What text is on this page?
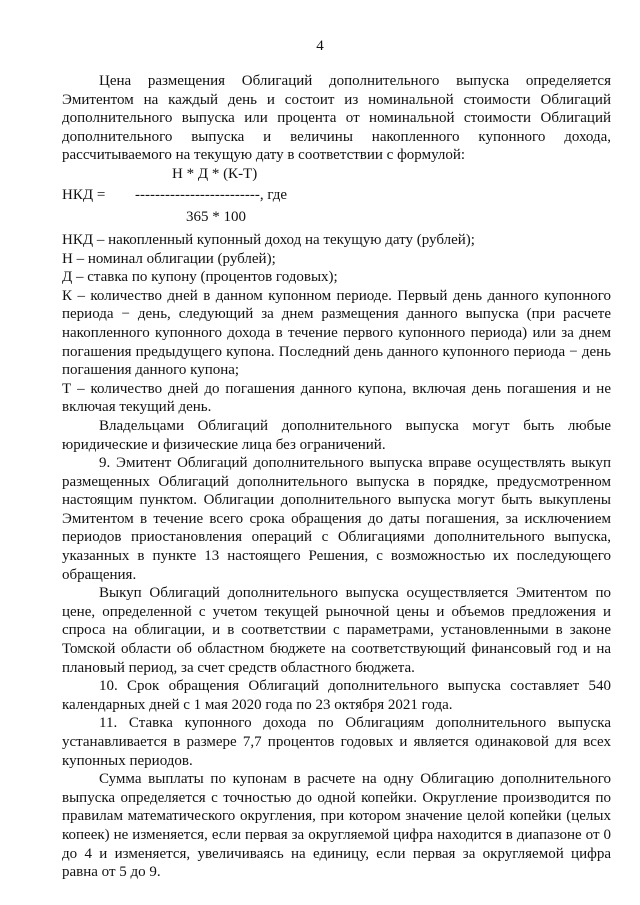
4

Цена размещения Облигаций дополнительного выпуска определяется Эмитентом на каждый день и состоит из номинальной стоимости Облигаций дополнительного выпуска или процента от номинальной стоимости Облигаций дополнительного выпуска и величины накопленного купонного дохода, рассчитываемого на текущую дату в соответствии с формулой:

Н * Д * (К-Т)
НКД = -------------------------, где
365 * 100

НКД – накопленный купонный доход на текущую дату (рублей);

Н – номинал облигации (рублей);

Д – ставка по купону (процентов годовых);

К – количество дней в данном купонном периоде. Первый день данного купонного периода − день, следующий за днем размещения данного выпуска (при расчете накопленного купонного дохода в течение первого купонного периода) или за днем погашения предыдущего купона. Последний день данного купонного периода − день погашения данного купона;

Т – количество дней до погашения данного купона, включая день погашения и не включая текущий день.

Владельцами Облигаций дополнительного выпуска могут быть любые юридические и физические лица без ограничений.

9. Эмитент Облигаций дополнительного выпуска вправе осуществлять выкуп размещенных Облигаций дополнительного выпуска в порядке, предусмотренном настоящим пунктом. Облигации дополнительного выпуска могут быть выкуплены Эмитентом в течение всего срока обращения до даты погашения, за исключением периодов приостановления операций с Облигациями дополнительного выпуска, указанных в пункте 13 настоящего Решения, с возможностью их последующего обращения.

Выкуп Облигаций дополнительного выпуска осуществляется Эмитентом по цене, определенной с учетом текущей рыночной цены и объемов предложения и спроса на облигации, и в соответствии с параметрами, установленными в законе Томской области об областном бюджете на соответствующий финансовый год и на плановый период, за счет средств областного бюджета.

10. Срок обращения Облигаций дополнительного выпуска составляет 540 календарных дней с 1 мая 2020 года по 23 октября 2021 года.

11. Ставка купонного дохода по Облигациям дополнительного выпуска устанавливается в размере 7,7 процентов годовых и является одинаковой для всех купонных периодов.

Сумма выплаты по купонам в расчете на одну Облигацию дополнительного выпуска определяется с точностью до одной копейки. Округление производится по правилам математического округления, при котором значение целой копейки (целых копеек) не изменяется, если первая за округляемой цифра находится в диапазоне от 0 до 4 и изменяется, увеличиваясь на единицу, если первая за округляемой цифра равна от 5 до 9.
